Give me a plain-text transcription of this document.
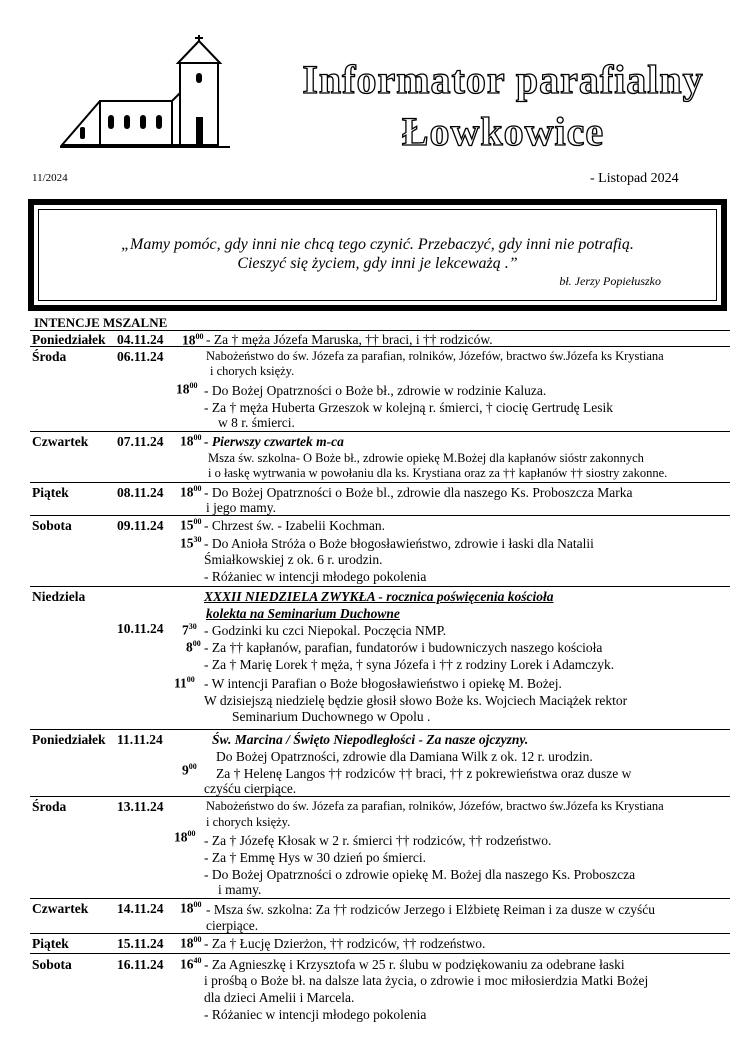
Informator parafialny
Łowkowice
11/2024	- Listopad 2024
„Mamy pomóc, gdy inni nie chcą tego czynić. Przebaczyć, gdy inni nie potrafią.
Cieszyć się życiem, gdy inni je lekceważą .”
bł. Jerzy Popiełuszko
INTENCJE MSZALNE
Poniedziałek 04.11.24 $18^{00}$ - Za † męża Józefa Maruska, †† braci, i †† rodziców.
Środa	06.11.24	Nabożeństwo do św. Józefa za parafian, rolników, Józefów, bractwo św.Józefa ks Krystiana
i chorych księży.
$18^{00}$ - Do Bożej Opatrzności o Boże bł., zdrowie w rodzinie Kaluza.
- Za † męża Huberta Grzeszok w kolejną r. śmierci, † ciocię Gertrudę Lesik
w 8 r. śmierci.
Czwartek 07.11.24 $18^{00}$ - Pierwszy czwartek m-ca
Msza św. szkolna- O Boże bł., zdrowie opiekę M.Bożej dla kapłanów sióstr zakonnych
i o łaskę wytrwania w powołaniu dla ks. Krystiana oraz za †† kapłanów †† siostry zakonne.
Piątek	08.11.24 $18^{00}$ - Do Bożej Opatrzności o Boże bl., zdrowie dla naszego Ks. Proboszcza Marka
i jego mamy.
Sobota	09.11.24 $15^{00}$ - Chrzest św. - Izabelii Kochman.
$15^{30}$ - Do Anioła Stróża o Boże błogosławieństwo, zdrowie i łaski dla Natalii
Śmiałkowskiej z ok. 6 r. urodzin.
- Różaniec w intencji młodego pokolenia
Niedziela	XXXII NIEDZIELA ZWYKŁA - rocznica poświęcenia kościoła
kolekta na Seminarium Duchowne
10.11.24 $7^{30}$ - Godzinki ku czci Niepokal. Poczęcia NMP.
$8^{00}$ - Za †† kapłanów, parafian, fundatorów i budowniczych naszego kościoła
- Za † Marię Lorek † męża, † syna Józefa i †† z rodziny Lorek i Adamczyk.
$11^{00}$ - W intencji Parafian o Boże błogosławieństwo i opiekę M. Bożej.
W dzisiejszą niedzielę będzie głosił słowo Boże ks. Wojciech Maciążek rektor
Seminarium Duchownego w Opolu .
Poniedziałek 11.11.24	Św. Marcina / Święto Niepodległości - Za nasze ojczyzny.
Do Bożej Opatrzności, zdrowie dla Damiana Wilk z ok. 12 r. urodzin.
$9^{00}$ Za † Helenę Langos †† rodziców †† braci, †† z pokrewieństwa oraz dusze w
czyśću cierpiące.
Środa	13.11.24	Nabożeństwo do św. Józefa za parafian, rolników, Józefów, bractwo św.Józefa ks Krystiana
i chorych księży.
$18^{00}$ - Za † Józefę Kłosak w 2 r. śmierci †† rodziców, †† rodzeństwo.
- Za † Emmę Hys w 30 dzień po śmierci.
- Do Bożej Opatrzności o zdrowie opiekę M. Bożej dla naszego Ks. Proboszcza
i mamy.
Czwartek 14.11.24 $18^{00}$ - Msza św. szkolna: Za †† rodziców Jerzego i Elżbietę Reiman i za dusze w czyśću
cierpiące.
Piątek	15.11.24 $18^{00}$ - Za † Łucję Dzierżon, †† rodziców, †† rodzeństwo.
Sobota	16.11.24 $16^{40}$ - Za Agnieszkę i Krzysztofa w 25 r. ślubu w podziękowaniu za odebrane łaski
i prośbą o Boże bł. na dalsze lata życia, o zdrowie i moc miłosierdzia Matki Bożej
dla dzieci Amelii i Marcela.
- Różaniec w intencji młodego pokolenia
